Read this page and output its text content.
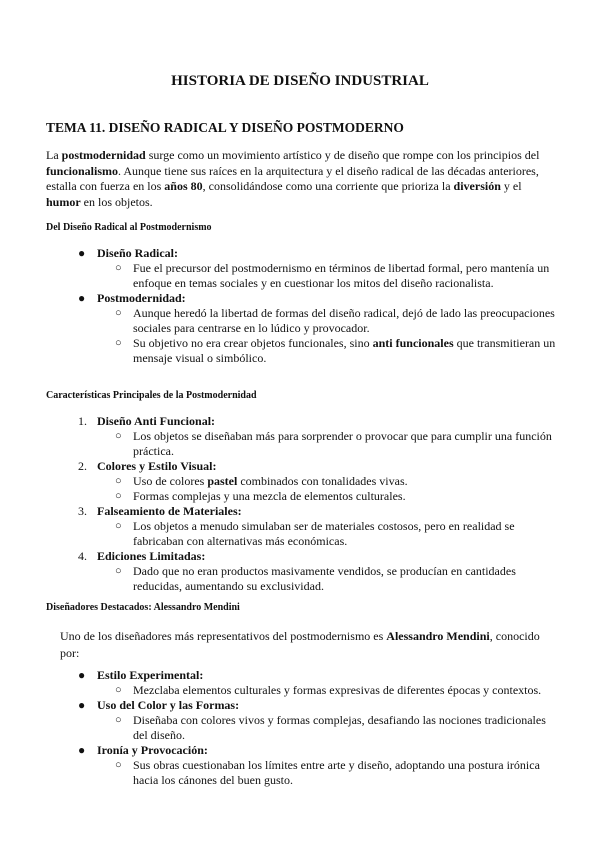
HISTORIA DE DISEÑO INDUSTRIAL
TEMA 11. DISEÑO RADICAL Y DISEÑO POSTMODERNO

La postmodernidad surge como un movimiento artístico y de diseño que rompe con los principios del funcionalismo. Aunque tiene sus raíces en la arquitectura y el diseño radical de las décadas anteriores, estalla con fuerza en los años 80, consolidándose como una corriente que prioriza la diversión y el humor en los objetos.

Del Diseño Radical al Postmodernismo
● Diseño Radical:
○ Fue el precursor del postmodernismo en términos de libertad formal, pero mantenía un enfoque en temas sociales y en cuestionar los mitos del diseño racionalista.
● Postmodernidad:
○ Aunque heredó la libertad de formas del diseño radical, dejó de lado las preocupaciones sociales para centrarse en lo lúdico y provocador.
○ Su objetivo no era crear objetos funcionales, sino anti funcionales que transmitieran un mensaje visual o simbólico.
Características Principales de la Postmodernidad
1. Diseño Anti Funcional:
○ Los objetos se diseñaban más para sorprender o provocar que para cumplir una función práctica.
2. Colores y Estilo Visual:
○ Uso de colores pastel combinados con tonalidades vivas.
○ Formas complejas y una mezcla de elementos culturales.
3. Falseamiento de Materiales:
○ Los objetos a menudo simulaban ser de materiales costosos, pero en realidad se fabricaban con alternativas más económicas.
4. Ediciones Limitadas:
○ Dado que no eran productos masivamente vendidos, se producían en cantidades reducidas, aumentando su exclusividad.
Diseñadores Destacados: Alessandro Mendini

Uno de los diseñadores más representativos del postmodernismo es Alessandro Mendini, conocido por:

● Estilo Experimental:
○ Mezclaba elementos culturales y formas expresivas de diferentes épocas y contextos.
● Uso del Color y las Formas:
○ Diseñaba con colores vivos y formas complejas, desafiando las nociones tradicionales del diseño.
● Ironía y Provocación:
○ Sus obras cuestionaban los límites entre arte y diseño, adoptando una postura irónica hacia los cánones del buen gusto.
